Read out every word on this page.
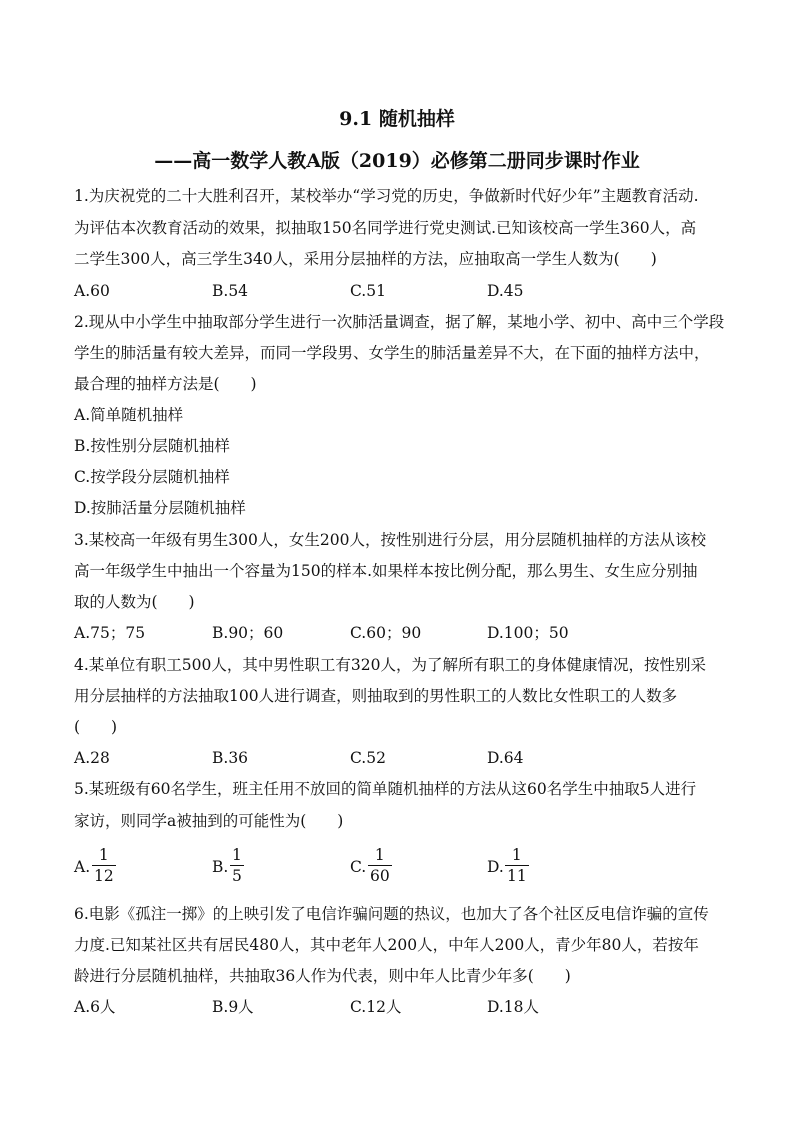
9.1 随机抽样
——高一数学人教A版（2019）必修第二册同步课时作业
1.为庆祝党的二十大胜利召开，某校举办“学习党的历史，争做新时代好少年”主题教育活动.
为评估本次教育活动的效果，拟抽取150名同学进行党史测试.已知该校高一学生360人，高
二学生300人，高三学生340人，采用分层抽样的方法，应抽取高一学生人数为(　　)
A.60	B.54	C.51	D.45
2.现从中小学生中抽取部分学生进行一次肺活量调查，据了解，某地小学、初中、高中三个学段
学生的肺活量有较大差异，而同一学段男、女学生的肺活量差异不大，在下面的抽样方法中，
最合理的抽样方法是(　　)
A.简单随机抽样
B.按性别分层随机抽样
C.按学段分层随机抽样
D.按肺活量分层随机抽样
3.某校高一年级有男生300人，女生200人，按性别进行分层，用分层随机抽样的方法从该校
高一年级学生中抽出一个容量为150的样本.如果样本按比例分配，那么男生、女生应分别抽
取的人数为(　　)
A.75；75	B.90；60	C.60；90	D.100；50
4.某单位有职工500人，其中男性职工有320人，为了解所有职工的身体健康情况，按性别采
用分层抽样的方法抽取100人进行调查，则抽取到的男性职工的人数比女性职工的人数多
(　　)
A.28	B.36	C.52	D.64
5.某班级有60名学生，班主任用不放回的简单随机抽样的方法从这60名学生中抽取5人进行
家访，则同学a被抽到的可能性为(　　)
A.
1
12	B.
1
5	C.
1
60	D.
1
11
6.电影《孤注一掷》的上映引发了电信诈骗问题的热议，也加大了各个社区反电信诈骗的宣传
力度.已知某社区共有居民480人，其中老年人200人，中年人200人，青少年80人，若按年
龄进行分层随机抽样，共抽取36人作为代表，则中年人比青少年多(　　)
A.6人	B.9人	C.12人	D.18人
